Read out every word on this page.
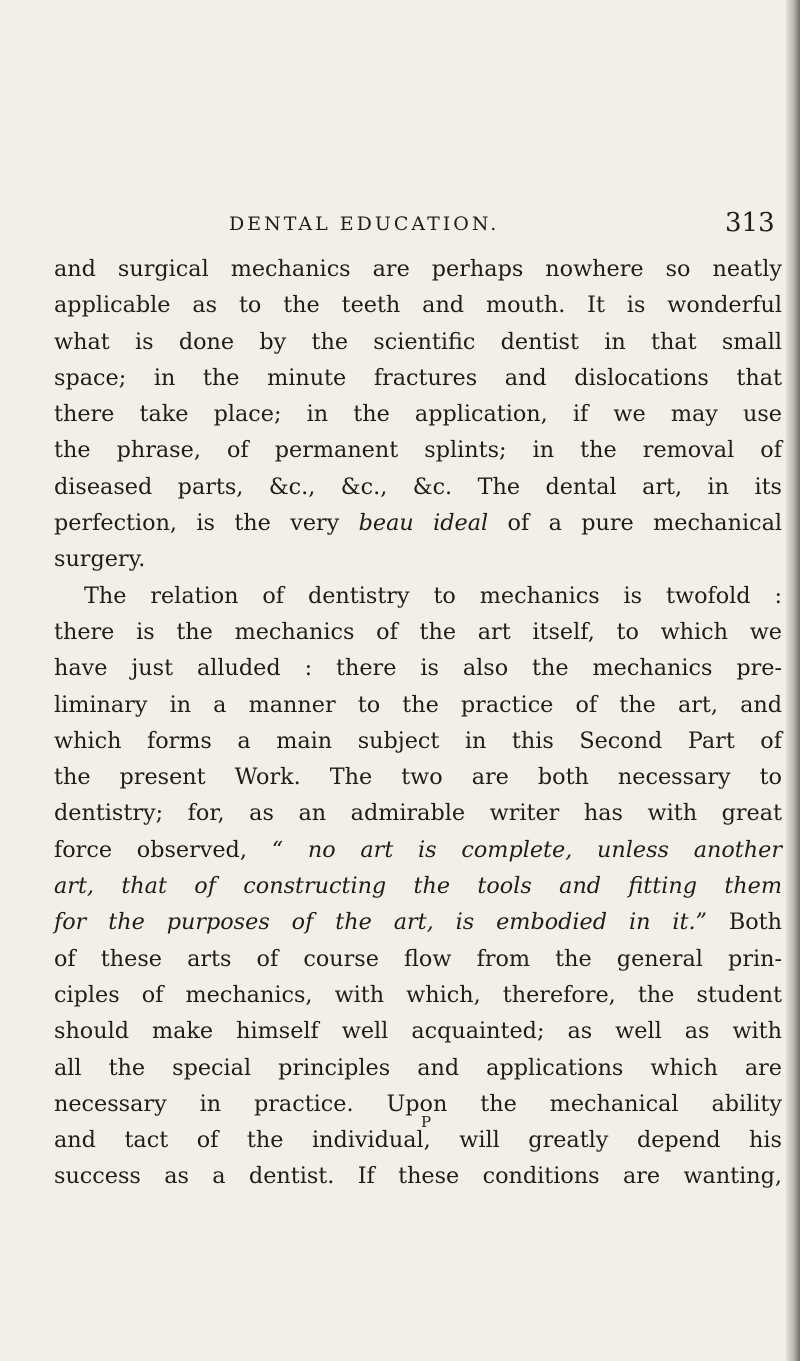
DENTAL EDUCATION.	313
and surgical mechanics are perhaps nowhere so neatly
applicable as to the teeth and mouth. It is wonderful
what is done by the scientific dentist in that small
space; in the minute fractures and dislocations that
there take place; in the application, if we may use
the phrase, of permanent splints; in the removal of
diseased parts, &c., &c., &c. The dental art, in its
perfection, is the very beau ideal of a pure mechanical
surgery.
The relation of dentistry to mechanics is twofold :
there is the mechanics of the art itself, to which we
have just alluded : there is also the mechanics pre-
liminary in a manner to the practice of the art, and
which forms a main subject in this Second Part of
the present Work. The two are both necessary to
dentistry; for, as an admirable writer has with great
force observed, “ no art is complete, unless another
art, that of constructing the tools and fitting them
for the purposes of the art, is embodied in it.” Both
of these arts of course flow from the general prin-
ciples of mechanics, with which, therefore, the student
should make himself well acquainted; as well as with
all the special principles and applications which are
necessary in practice. Upon the mechanical ability
and tact of the individual, will greatly depend his
success as a dentist. If these conditions are wanting,
P
